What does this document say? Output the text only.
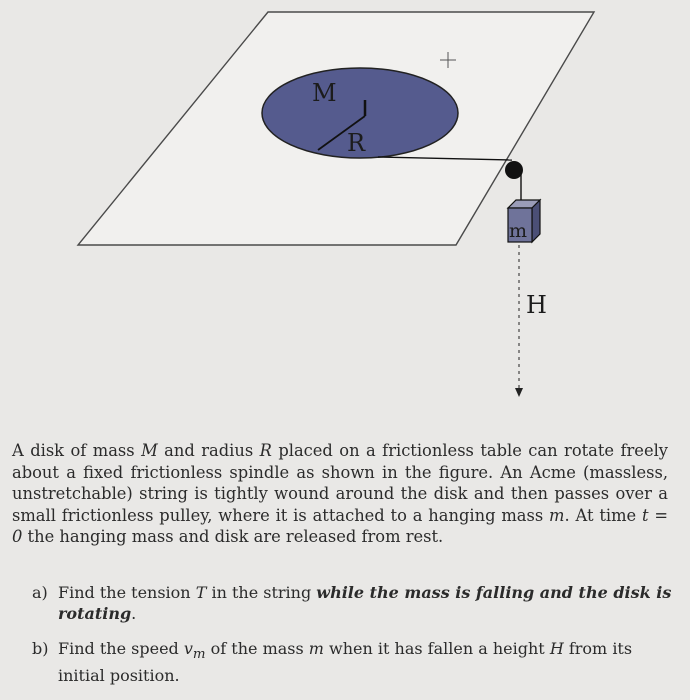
M
R
m
H

A disk of mass M and radius R placed on a frictionless table can rotate freely about a fixed frictionless spindle as shown in the figure. An Acme (massless, unstretchable) string is tightly wound around the disk and then passes over a small frictionless pulley, where it is attached to a hanging mass m. At time t = 0 the hanging mass and disk are released from rest.

a) Find the tension T in the string while the mass is falling and the disk is rotating.
b) Find the speed $v_m$ of the mass m when it has fallen a height H from its initial position.
